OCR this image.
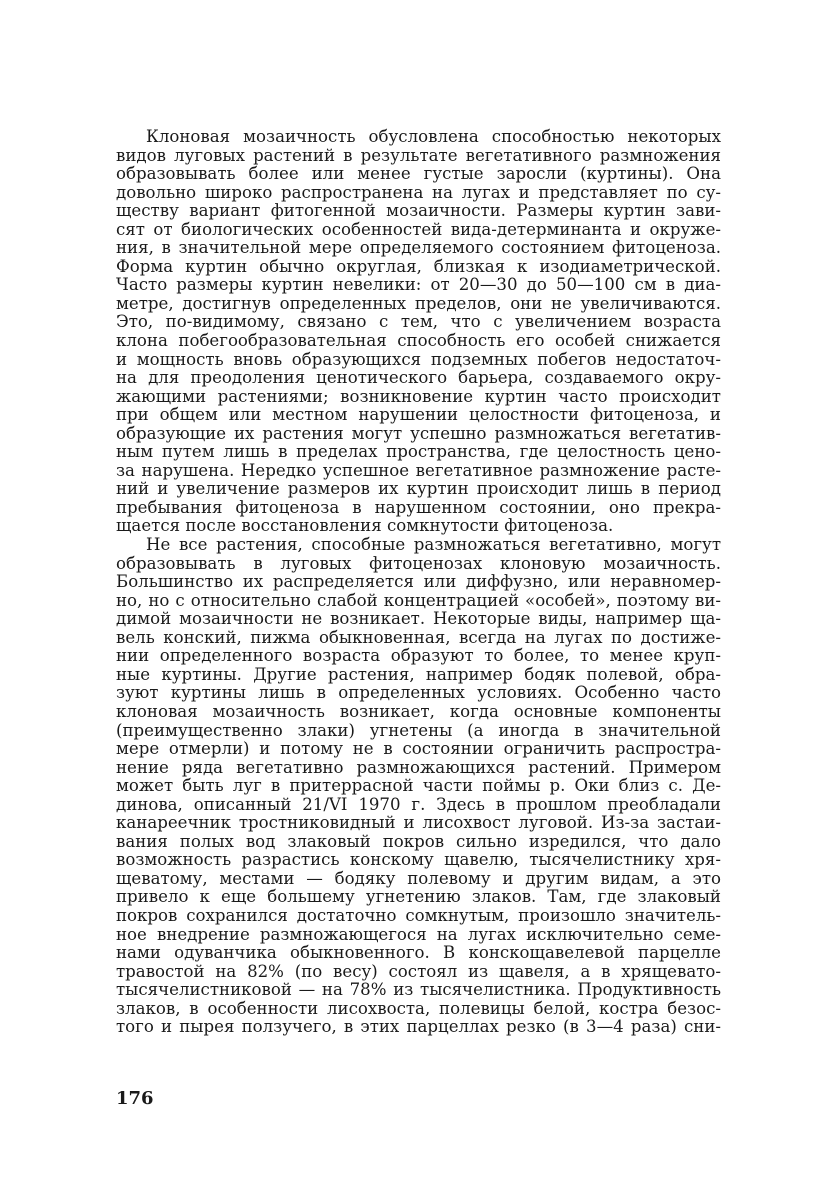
Клоновая мозаичность обусловлена способностью некоторых
видов луговых растений в результате вегетативного размножения
образовывать более или менее густые заросли (куртины). Она
довольно широко распространена на лугах и представляет по су-
ществу вариант фитогенной мозаичности. Размеры куртин зави-
сят от биологических особенностей вида-детерминанта и окруже-
ния, в значительной мере определяемого состоянием фитоценоза.
Форма куртин обычно округлая, близкая к изодиаметрической.
Часто размеры куртин невелики: от 20—30 до 50—100 см в диа-
метре, достигнув определенных пределов, они не увеличиваются.
Это, по-видимому, связано с тем, что с увеличением возраста
клона побегообразовательная способность его особей снижается
и мощность вновь образующихся подземных побегов недостаточ-
на для преодоления ценотического барьера, создаваемого окру-
жающими растениями; возникновение куртин часто происходит
при общем или местном нарушении целостности фитоценоза, и
образующие их растения могут успешно размножаться вегетатив-
ным путем лишь в пределах пространства, где целостность цено-
за нарушена. Нередко успешное вегетативное размножение расте-
ний и увеличение размеров их куртин происходит лишь в период
пребывания фитоценоза в нарушенном состоянии, оно прекра-
щается после восстановления сомкнутости фитоценоза.
Не все растения, способные размножаться вегетативно, могут
образовывать в луговых фитоценозах клоновую мозаичность.
Большинство их распределяется или диффузно, или неравномер-
но, но с относительно слабой концентрацией «особей», поэтому ви-
димой мозаичности не возникает. Некоторые виды, например ща-
вель конский, пижма обыкновенная, всегда на лугах по достиже-
нии определенного возраста образуют то более, то менее круп-
ные куртины. Другие растения, например бодяк полевой, обра-
зуют куртины лишь в определенных условиях. Особенно часто
клоновая мозаичность возникает, когда основные компоненты
(преимущественно злаки) угнетены (а иногда в значительной
мере отмерли) и потому не в состоянии ограничить распростра-
нение ряда вегетативно размножающихся растений. Примером
может быть луг в притеррасной части поймы р. Оки близ с. Де-
динова, описанный 21/VI 1970 г. Здесь в прошлом преобладали
канареечник тростниковидный и лисохвост луговой. Из-за застаи-
вания полых вод злаковый покров сильно изредился, что дало
возможность разрастись конскому щавелю, тысячелистнику хря-
щеватому, местами — бодяку полевому и другим видам, а это
привело к еще большему угнетению злаков. Там, где злаковый
покров сохранился достаточно сомкнутым, произошло значитель-
ное внедрение размножающегося на лугах исключительно семе-
нами одуванчика обыкновенного. В конскощавелевой парцелле
травостой на 82% (по весу) состоял из щавеля, а в хрящевато-
тысячелистниковой — на 78% из тысячелистника. Продуктивность
злаков, в особенности лисохвоста, полевицы белой, костра безос-
того и пырея ползучего, в этих парцеллах резко (в 3—4 раза) сни-
176
